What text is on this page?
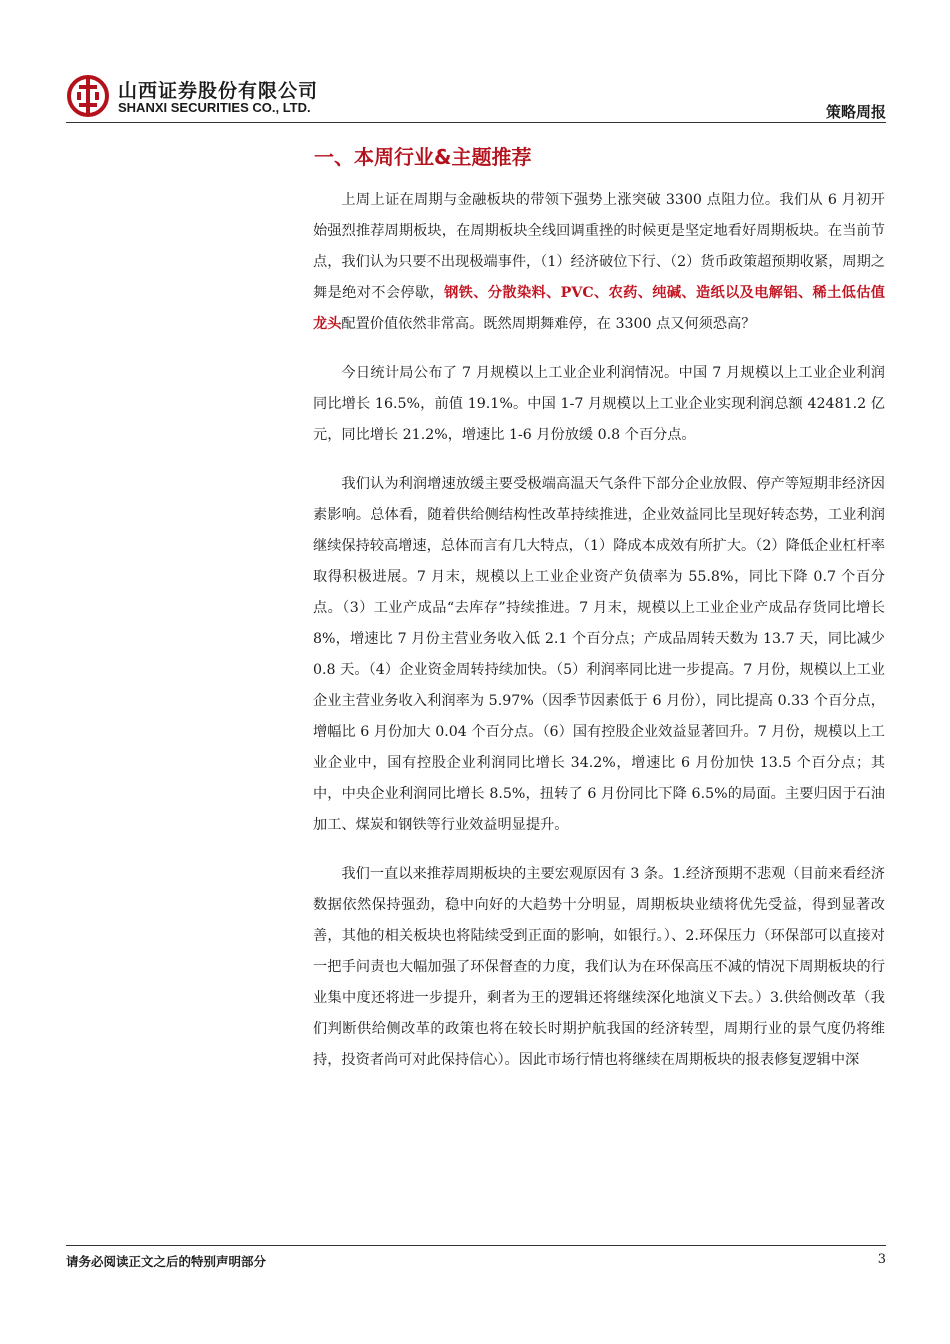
山西证券股份有限公司
SHANXI SECURITIES CO., LTD.	策略周报
一、本周行业&主题推荐

上周上证在周期与金融板块的带领下强势上涨突破 3300 点阻力位。我们从 6 月初开始强烈推荐周期板块，在周期板块全线回调重挫的时候更是坚定地看好周期板块。在当前节点，我们认为只要不出现极端事件，（1）经济破位下行、（2）货币政策超预期收紧，周期之舞是绝对不会停歇，钢铁、分散染料、PVC、农药、纯碱、造纸以及电解铝、稀土低估值龙头配置价值依然非常高。既然周期舞难停，在 3300 点又何须恐高？

今日统计局公布了 7 月规模以上工业企业利润情况。中国 7 月规模以上工业企业利润同比增长 16.5%，前值 19.1%。中国 1-7 月规模以上工业企业实现利润总额 42481.2 亿元，同比增长 21.2%，增速比 1-6 月份放缓 0.8 个百分点。

我们认为利润增速放缓主要受极端高温天气条件下部分企业放假、停产等短期非经济因素影响。总体看，随着供给侧结构性改革持续推进，企业效益同比呈现好转态势，工业利润继续保持较高增速，总体而言有几大特点，（1）降成本成效有所扩大。（2）降低企业杠杆率取得积极进展。7 月末，规模以上工业企业资产负债率为 55.8%，同比下降 0.7 个百分点。（3）工业产成品“去库存”持续推进。7 月末，规模以上工业企业产成品存货同比增长 8%，增速比 7 月份主营业务收入低 2.1 个百分点；产成品周转天数为 13.7 天，同比减少 0.8 天。（4）企业资金周转持续加快。（5）利润率同比进一步提高。7 月份，规模以上工业企业主营业务收入利润率为 5.97%（因季节因素低于 6 月份），同比提高 0.33 个百分点，增幅比 6 月份加大 0.04 个百分点。（6）国有控股企业效益显著回升。7 月份，规模以上工业企业中，国有控股企业利润同比增长 34.2%，增速比 6 月份加快 13.5 个百分点；其中，中央企业利润同比增长 8.5%，扭转了 6 月份同比下降 6.5%的局面。主要归因于石油加工、煤炭和钢铁等行业效益明显提升。

我们一直以来推荐周期板块的主要宏观原因有 3 条。1.经济预期不悲观（目前来看经济数据依然保持强劲，稳中向好的大趋势十分明显，周期板块业绩将优先受益，得到显著改善，其他的相关板块也将陆续受到正面的影响，如银行。）、2.环保压力（环保部可以直接对一把手问责也大幅加强了环保督查的力度，我们认为在环保高压不减的情况下周期板块的行业集中度还将进一步提升，剩者为王的逻辑还将继续深化地演义下去。）3.供给侧改革（我们判断供给侧改革的政策也将在较长时期护航我国的经济转型，周期行业的景气度仍将维持，投资者尚可对此保持信心）。因此市场行情也将继续在周期板块的报表修复逻辑中深

请务必阅读正文之后的特别声明部分	3
